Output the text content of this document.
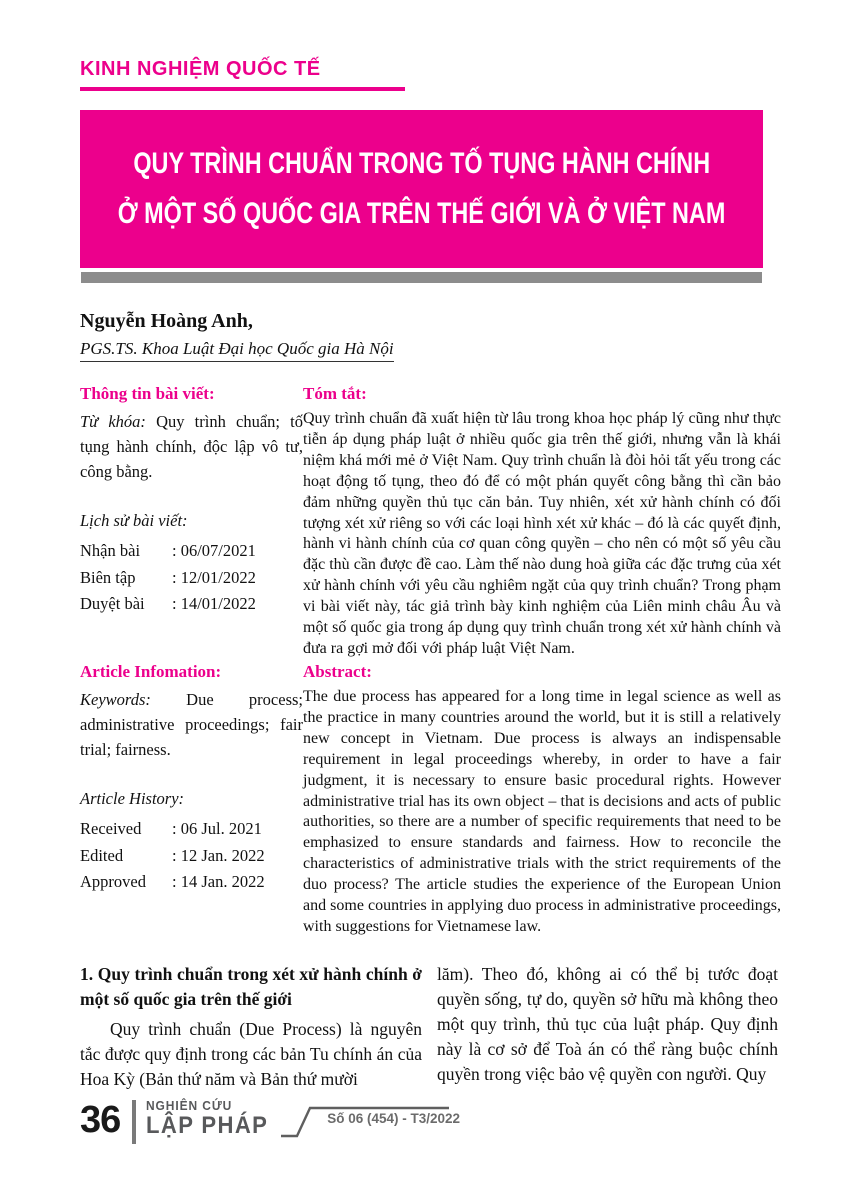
KINH NGHIỆM QUỐC TẾ
QUY TRÌNH CHUẨN TRONG TỐ TỤNG HÀNH CHÍNH
Ở MỘT SỐ QUỐC GIA TRÊN THẾ GIỚI VÀ Ở VIỆT NAM
Nguyễn Hoàng Anh,
PGS.TS. Khoa Luật Đại học Quốc gia Hà Nội
Thông tin bài viết:
Từ khóa: Quy trình chuẩn; tố tụng hành chính, độc lập vô tư, công bằng.
Lịch sử bài viết:
Nhận bài	: 06/07/2021
Biên tập	: 12/01/2022
Duyệt bài	: 14/01/2022
Tóm tắt:
Quy trình chuẩn đã xuất hiện từ lâu trong khoa học pháp lý cũng như thực tiễn áp dụng pháp luật ở nhiều quốc gia trên thế giới, nhưng vẫn là khái niệm khá mới mẻ ở Việt Nam. Quy trình chuẩn là đòi hỏi tất yếu trong các hoạt động tố tụng, theo đó để có một phán quyết công bằng thì cần bảo đảm những quyền thủ tục căn bản. Tuy nhiên, xét xử hành chính có đối tượng xét xử riêng so với các loại hình xét xử khác – đó là các quyết định, hành vi hành chính của cơ quan công quyền – cho nên có một số yêu cầu đặc thù cần được đề cao. Làm thế nào dung hoà giữa các đặc trưng của xét xử hành chính với yêu cầu nghiêm ngặt của quy trình chuẩn? Trong phạm vi bài viết này, tác giả trình bày kinh nghiệm của Liên minh châu Âu và một số quốc gia trong áp dụng quy trình chuẩn trong xét xử hành chính và đưa ra gợi mở đối với pháp luật Việt Nam.
Article Infomation:
Keywords: Due process; administrative proceedings; fair trial; fairness.
Article History:
Received	: 06 Jul. 2021
Edited	: 12 Jan. 2022
Approved	: 14 Jan. 2022
Abstract:
The due process has appeared for a long time in legal science as well as the practice in many countries around the world, but it is still a relatively new concept in Vietnam. Due process is always an indispensable requirement in legal proceedings whereby, in order to have a fair judgment, it is necessary to ensure basic procedural rights. However administrative trial has its own object – that is decisions and acts of public authorities, so there are a number of specific requirements that need to be emphasized to ensure standards and fairness. How to reconcile the characteristics of administrative trials with the strict requirements of the duo process? The article studies the experience of the European Union and some countries in applying duo process in administrative proceedings, with suggestions for Vietnamese law.
1. Quy trình chuẩn trong xét xử hành chính ở một số quốc gia trên thế giới
Quy trình chuẩn (Due Process) là nguyên tắc được quy định trong các bản Tu chính án của Hoa Kỳ (Bản thứ năm và Bản thứ mười
lăm). Theo đó, không ai có thể bị tước đoạt quyền sống, tự do, quyền sở hữu mà không theo một quy trình, thủ tục của luật pháp. Quy định này là cơ sở để Toà án có thể ràng buộc chính quyền trong việc bảo vệ quyền con người. Quy
36 NGHIÊN CỨU
LẬP PHÁP	Số 06 (454) - T3/2022
